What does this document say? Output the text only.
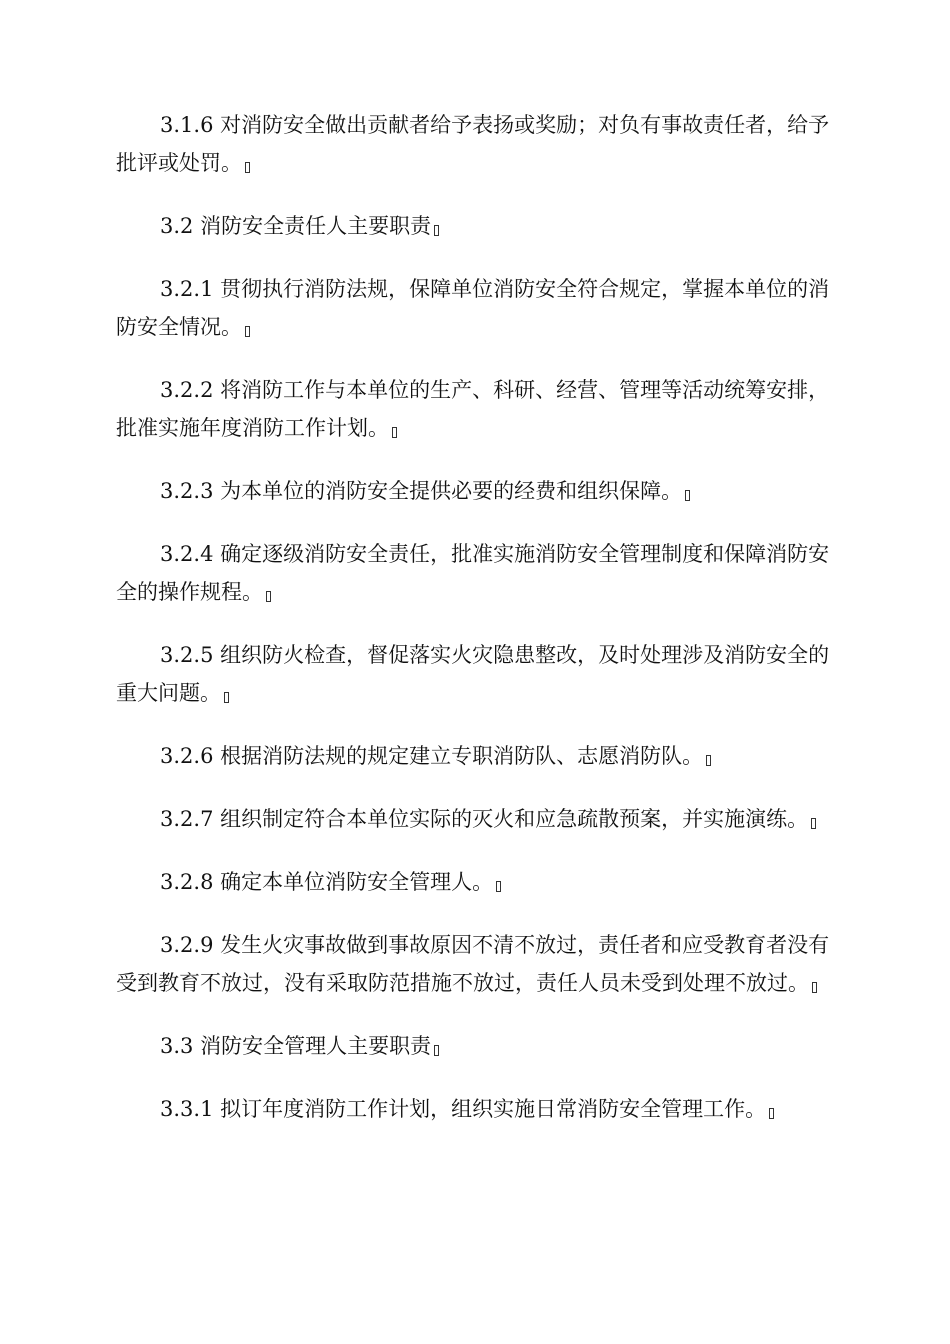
3.1.6 对消防安全做出贡献者给予表扬或奖励；对负有事故责任者，给予批评或处罚。

3.2 消防安全责任人主要职责

3.2.1 贯彻执行消防法规，保障单位消防安全符合规定，掌握本单位的消防安全情况。

3.2.2 将消防工作与本单位的生产、科研、经营、管理等活动统筹安排，批准实施年度消防工作计划。

3.2.3 为本单位的消防安全提供必要的经费和组织保障。

3.2.4 确定逐级消防安全责任，批准实施消防安全管理制度和保障消防安全的操作规程。

3.2.5 组织防火检查，督促落实火灾隐患整改，及时处理涉及消防安全的重大问题。

3.2.6 根据消防法规的规定建立专职消防队、志愿消防队。

3.2.7 组织制定符合本单位实际的灭火和应急疏散预案，并实施演练。

3.2.8 确定本单位消防安全管理人。

3.2.9 发生火灾事故做到事故原因不清不放过，责任者和应受教育者没有受到教育不放过，没有采取防范措施不放过，责任人员未受到处理不放过。

3.3 消防安全管理人主要职责

3.3.1 拟订年度消防工作计划，组织实施日常消防安全管理工作。
